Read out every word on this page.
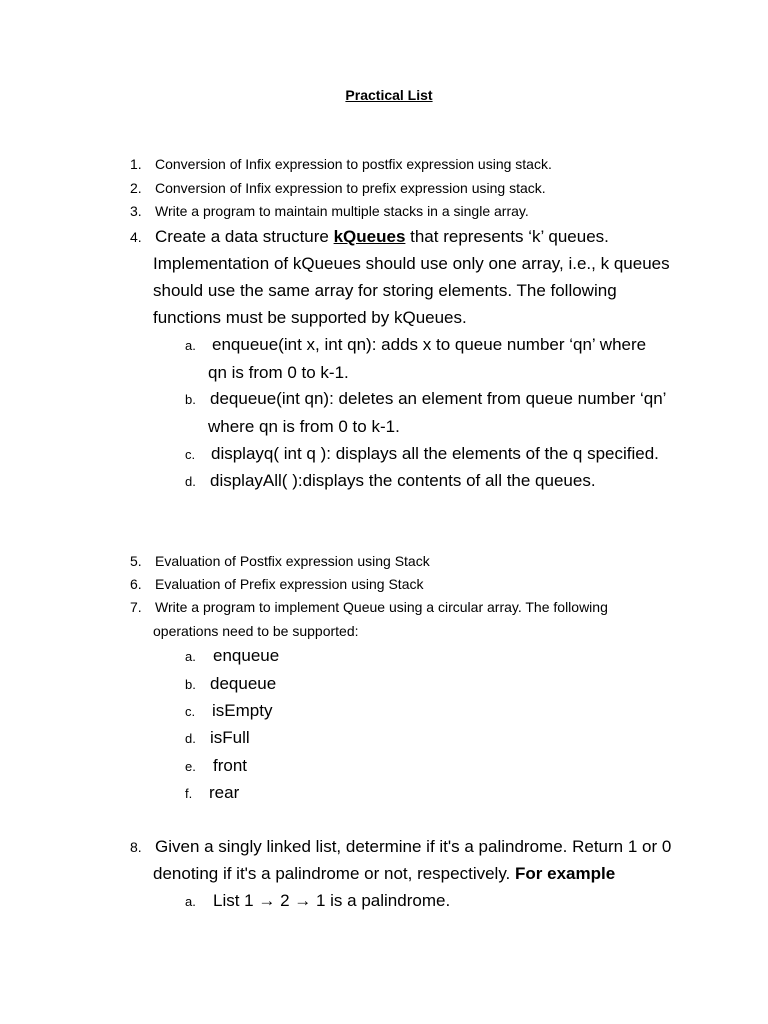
Practical List
1. Conversion of Infix expression to postfix expression using stack.
2. Conversion of Infix expression to prefix expression using stack.
3. Write a program to maintain multiple stacks in a single array.
4. Create a data structure kQueues that represents ‘k’ queues.
Implementation of kQueues should use only one array, i.e., k queues
should use the same array for storing elements. The following
functions must be supported by kQueues.
a. enqueue(int x, int qn): adds x to queue number ‘qn’ where
qn is from 0 to k-1.
b. dequeue(int qn): deletes an element from queue number ‘qn’
where qn is from 0 to k-1.
c. displayq( int q ): displays all the elements of the q specified.
d. displayAll( ):displays the contents of all the queues.
5. Evaluation of Postfix expression using Stack
6. Evaluation of Prefix expression using Stack
7. Write a program to implement Queue using a circular array. The following
operations need to be supported:
a. enqueue
b. dequeue
c. isEmpty
d. isFull
e. front
f. rear
8. Given a singly linked list, determine if it's a palindrome. Return 1 or 0
denoting if it's a palindrome or not, respectively. For example
a. List 1 → 2 → 1 is a palindrome.
